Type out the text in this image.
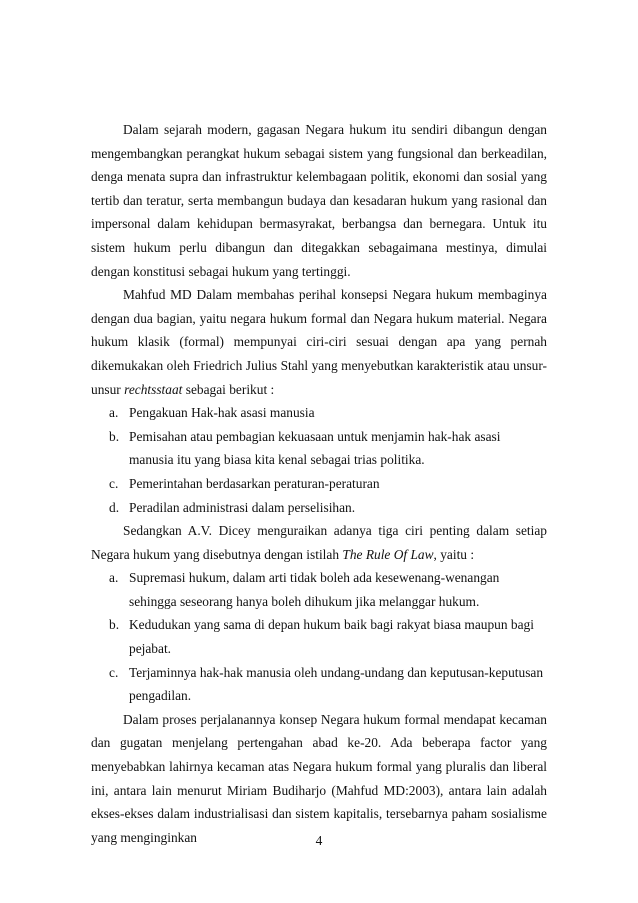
Dalam sejarah modern, gagasan Negara hukum itu sendiri dibangun dengan mengembangkan perangkat hukum sebagai sistem yang fungsional dan berkeadilan, denga menata supra dan infrastruktur kelembagaan politik, ekonomi dan sosial yang tertib dan teratur, serta membangun budaya dan kesadaran hukum yang rasional dan impersonal dalam kehidupan bermasyrakat, berbangsa dan bernegara. Untuk itu sistem hukum perlu dibangun dan ditegakkan sebagaimana mestinya, dimulai dengan konstitusi sebagai hukum yang tertinggi.

Mahfud MD Dalam membahas perihal konsepsi Negara hukum membaginya dengan dua bagian, yaitu negara hukum formal dan Negara hukum material. Negara hukum klasik (formal) mempunyai ciri-ciri sesuai dengan apa yang pernah dikemukakan oleh Friedrich Julius Stahl yang menyebutkan karakteristik atau unsur-unsur rechtsstaat sebagai berikut :

a. Pengakuan Hak-hak asasi manusia
b. Pemisahan atau pembagian kekuasaan untuk menjamin hak-hak asasi manusia itu yang biasa kita kenal sebagai trias politika.
c. Pemerintahan berdasarkan peraturan-peraturan
d. Peradilan administrasi dalam perselisihan.

Sedangkan A.V. Dicey menguraikan adanya tiga ciri penting dalam setiap Negara hukum yang disebutnya dengan istilah The Rule Of Law, yaitu :

a. Supremasi hukum, dalam arti tidak boleh ada kesewenang-wenangan sehingga seseorang hanya boleh dihukum jika melanggar hukum.
b. Kedudukan yang sama di depan hukum baik bagi rakyat biasa maupun bagi pejabat.
c. Terjaminnya hak-hak manusia oleh undang-undang dan keputusan-keputusan pengadilan.

Dalam proses perjalanannya konsep Negara hukum formal mendapat kecaman dan gugatan menjelang pertengahan abad ke-20. Ada beberapa factor yang menyebabkan lahirnya kecaman atas Negara hukum formal yang pluralis dan liberal ini, antara lain menurut Miriam Budiharjo (Mahfud MD:2003), antara lain adalah ekses-ekses dalam industrialisasi dan sistem kapitalis, tersebarnya paham sosialisme yang menginginkan	4
